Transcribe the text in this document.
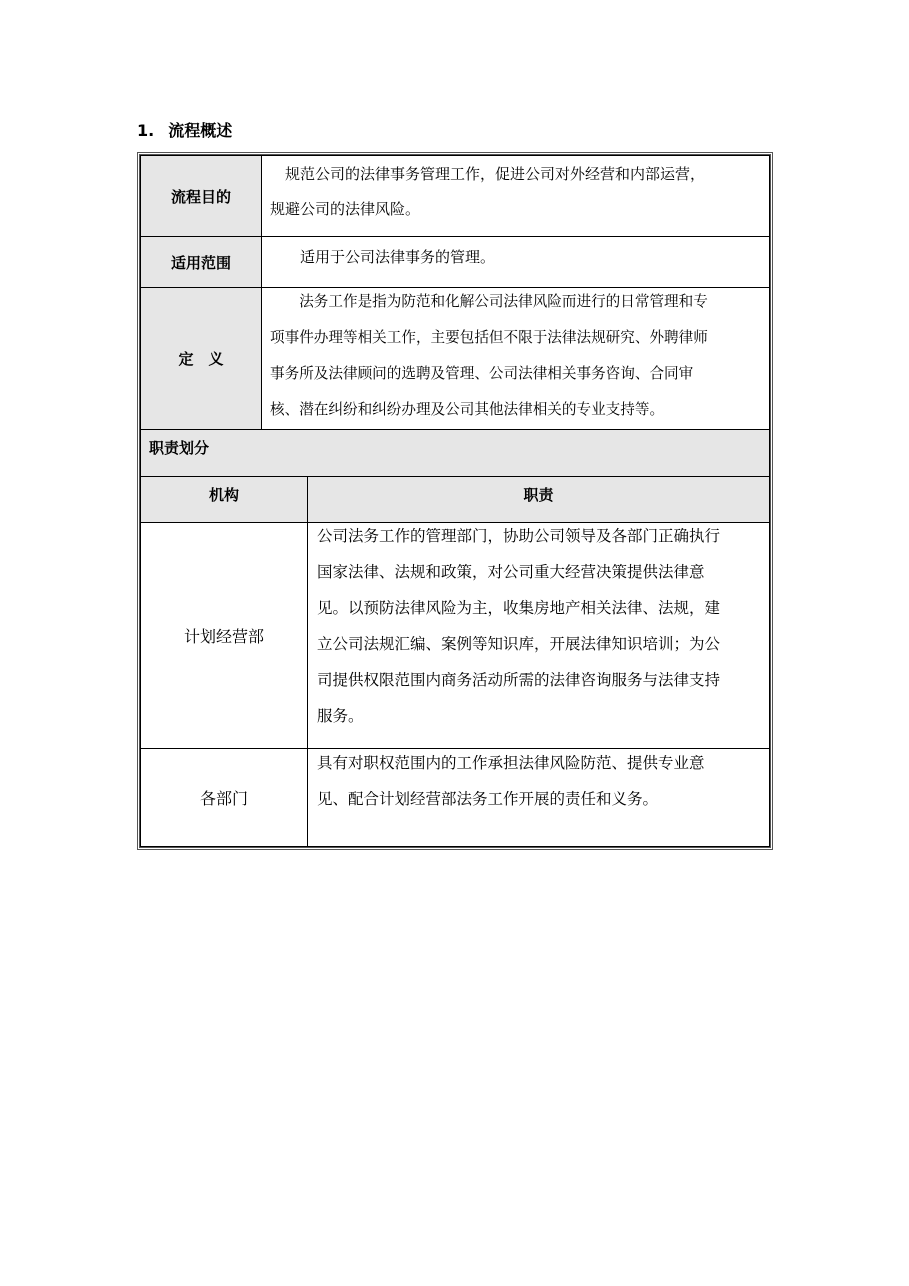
1. 流程概述
流程目的
　规范公司的法律事务管理工作，促进公司对外经营和内部运营，
规避公司的法律风险。
适用范围	　　适用于公司法律事务的管理。
定　义
　　法务工作是指为防范和化解公司法律风险而进行的日常管理和专
项事件办理等相关工作，主要包括但不限于法律法规研究、外聘律师
事务所及法律顾问的选聘及管理、公司法律相关事务咨询、合同审
核、潜在纠纷和纠纷办理及公司其他法律相关的专业支持等。
职责划分
机构	职责
计划经营部
公司法务工作的管理部门，协助公司领导及各部门正确执行
国家法律、法规和政策，对公司重大经营决策提供法律意
见。以预防法律风险为主，收集房地产相关法律、法规，建
立公司法规汇编、案例等知识库，开展法律知识培训；为公
司提供权限范围内商务活动所需的法律咨询服务与法律支持
服务。
各部门
具有对职权范围内的工作承担法律风险防范、提供专业意
见、配合计划经营部法务工作开展的责任和义务。
